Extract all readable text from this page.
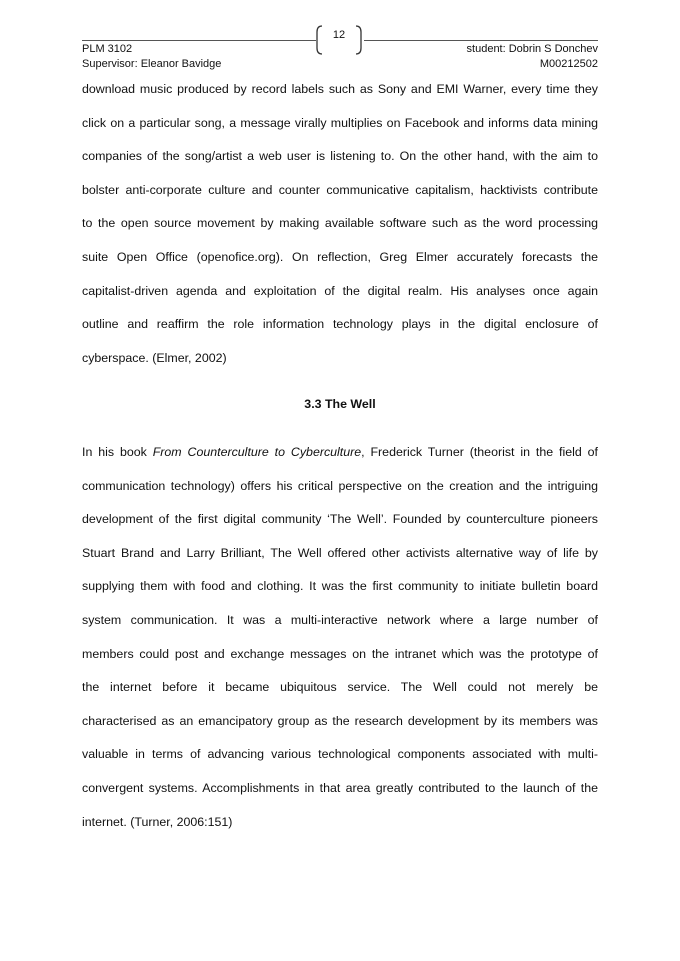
12
PLM 3102
Supervisor: Eleanor Bavidge
student: Dobrin S Donchev
M00212502
download music produced by record labels such as Sony and EMI Warner, every time they
click on a particular song, a message virally multiplies on Facebook and informs data mining
companies of the song/artist a web user is listening to. On the other hand, with the aim to
bolster anti-corporate culture and counter communicative capitalism, hacktivists contribute
to the open source movement by making available software such as the word processing
suite Open Office (openofice.org). On reflection, Greg Elmer accurately forecasts the
capitalist-driven agenda and exploitation of the digital realm. His analyses once again
outline and reaffirm the role information technology plays in the digital enclosure of
cyberspace. (Elmer, 2002)
3.3 The Well
In his book From Counterculture to Cyberculture, Frederick Turner (theorist in the field of
communication technology) offers his critical perspective on the creation and the intriguing
development of the first digital community ‘The Well’. Founded by counterculture pioneers
Stuart Brand and Larry Brilliant, The Well offered other activists alternative way of life by
supplying them with food and clothing. It was the first community to initiate bulletin board
system communication. It was a multi-interactive network where a large number of
members could post and exchange messages on the intranet which was the prototype of
the internet before it became ubiquitous service. The Well could not merely be
characterised as an emancipatory group as the research development by its members was
valuable in terms of advancing various technological components associated with multi-
convergent systems. Accomplishments in that area greatly contributed to the launch of the
internet. (Turner, 2006:151)
